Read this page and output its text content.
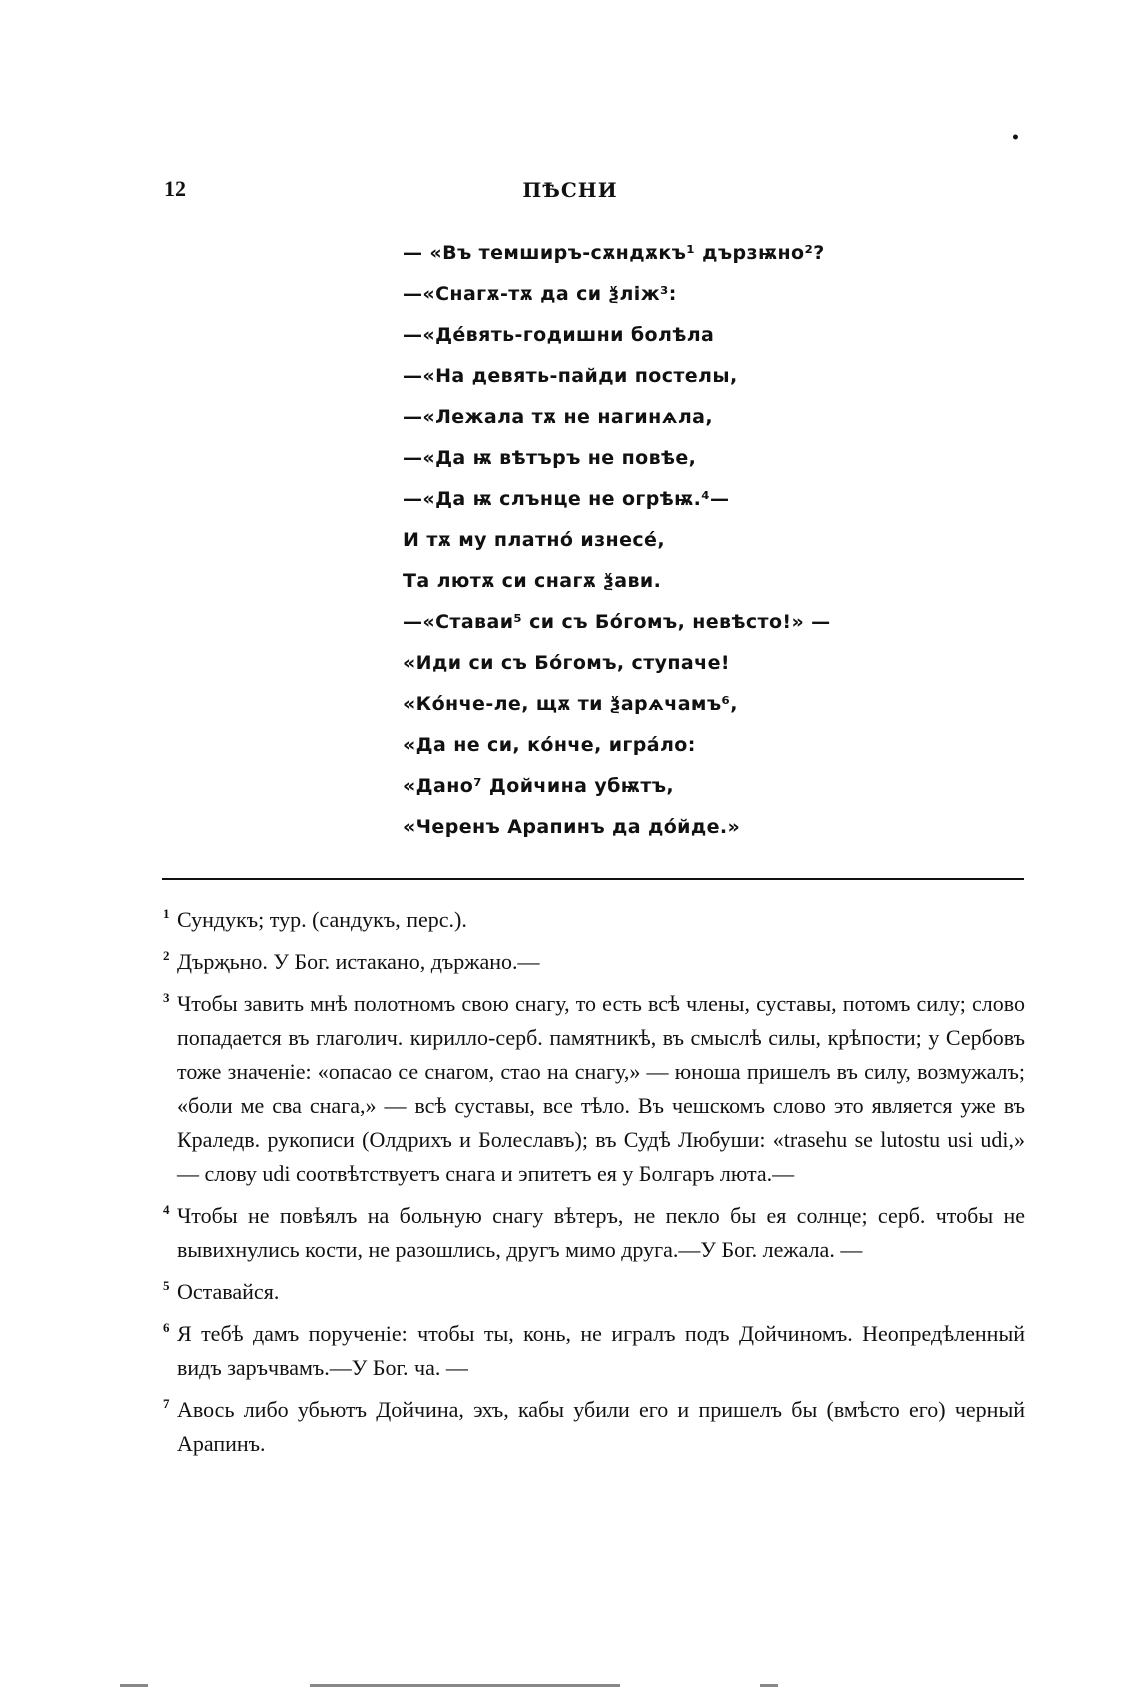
12	ПѢСНИ
•
— «Въ темшиpъ-сѫндѫкъ¹ дързѭно²?
—«Снагѫ-тѫ да си ѯліж³:
—«Дéвять-годишни болѣла
—«На девять-пайди постелы,
—«Лежала тѫ не нагинѧла,
—«Да ѭ вѣтъръ не повѣе,
—«Да ѭ слънце не огрѣѭ.⁴—
И тѫ му платнó изнесé,
Та лютѫ си снагѫ ѯави.
—«Ставаи⁵ си съ Бóгомъ, невѣсто!» —
«Иди си съ Бóгомъ, ступаче!
«Кóнче-ле, щѫ ти ѯарѧчамъ⁶,
«Да не си, кóнче, игрáло:
«Дано⁷ Дойчина убѭтъ,
«Черенъ Арапинъ да дóйде.»
1 Сундукъ; тур. (сандукъ, перс.).
2 Дърҗьно. У Бог. истакано, държано.—
3 Чтобы завить мнѣ полотномъ свою снагу, то есть всѣ члены, суставы, потомъ силу; слово попадается въ глаголич. кирилло-серб. памятникѣ, въ смыслѣ силы, крѣпости; у Сербовъ тоже значеніе: «опасао се снагом, стао на снагу,» — юноша пришелъ въ силу, возмужалъ; «боли ме сва снага,» — всѣ суставы, все тѣло. Въ чешскомъ слово это является уже въ Краледв. рукописи (Олдрихъ и Болеславъ); въ Судѣ Любуши: «trasehu se lutostu usi udi,» — слову udi соотвѣтствуетъ снага и эпитетъ ея у Болгаръ люта.—
4 Чтобы не повѣялъ на больную снагу вѣтеръ, не пекло бы ея солнце; серб. чтобы не вывихнулись кости, не разошлись, другъ мимо друга.—У Бог. лежала. —
5 Оставайся.
6 Я тебѣ дамъ порученіе: чтобы ты, конь, не игралъ подъ Дойчиномъ. Неопредѣленный видъ заръчвамъ.—У Бог. ча. —
7 Авось либо убьютъ Дойчина, эхъ, кабы убили его и пришелъ бы (вмѣсто его) черный Арапинъ.
